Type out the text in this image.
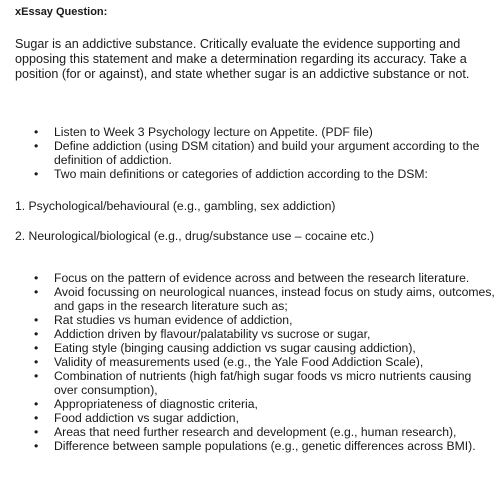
xEssay Question:

Sugar is an addictive substance. Critically evaluate the evidence supporting and opposing this statement and make a determination regarding its accuracy. Take a position (for or against), and state whether sugar is an addictive substance or not.

•	Listen to Week 3 Psychology lecture on Appetite. (PDF file)
•	Define addiction (using DSM citation) and build your argument according to the definition of addiction.
•	Two main definitions or categories of addiction according to the DSM:

1. Psychological/behavioural (e.g., gambling, sex addiction)

2. Neurological/biological (e.g., drug/substance use – cocaine etc.)

•	Focus on the pattern of evidence across and between the research literature.
•	Avoid focussing on neurological nuances, instead focus on study aims, outcomes, and gaps in the research literature such as;
•	Rat studies vs human evidence of addiction,
•	Addiction driven by flavour/palatability vs sucrose or sugar,
•	Eating style (binging causing addiction vs sugar causing addiction),
•	Validity of measurements used (e.g., the Yale Food Addiction Scale),
•	Combination of nutrients (high fat/high sugar foods vs micro nutrients causing over consumption),
•	Appropriateness of diagnostic criteria,
•	Food addiction vs sugar addiction,
•	Areas that need further research and development (e.g., human research),
•	Difference between sample populations (e.g., genetic differences across BMI).
